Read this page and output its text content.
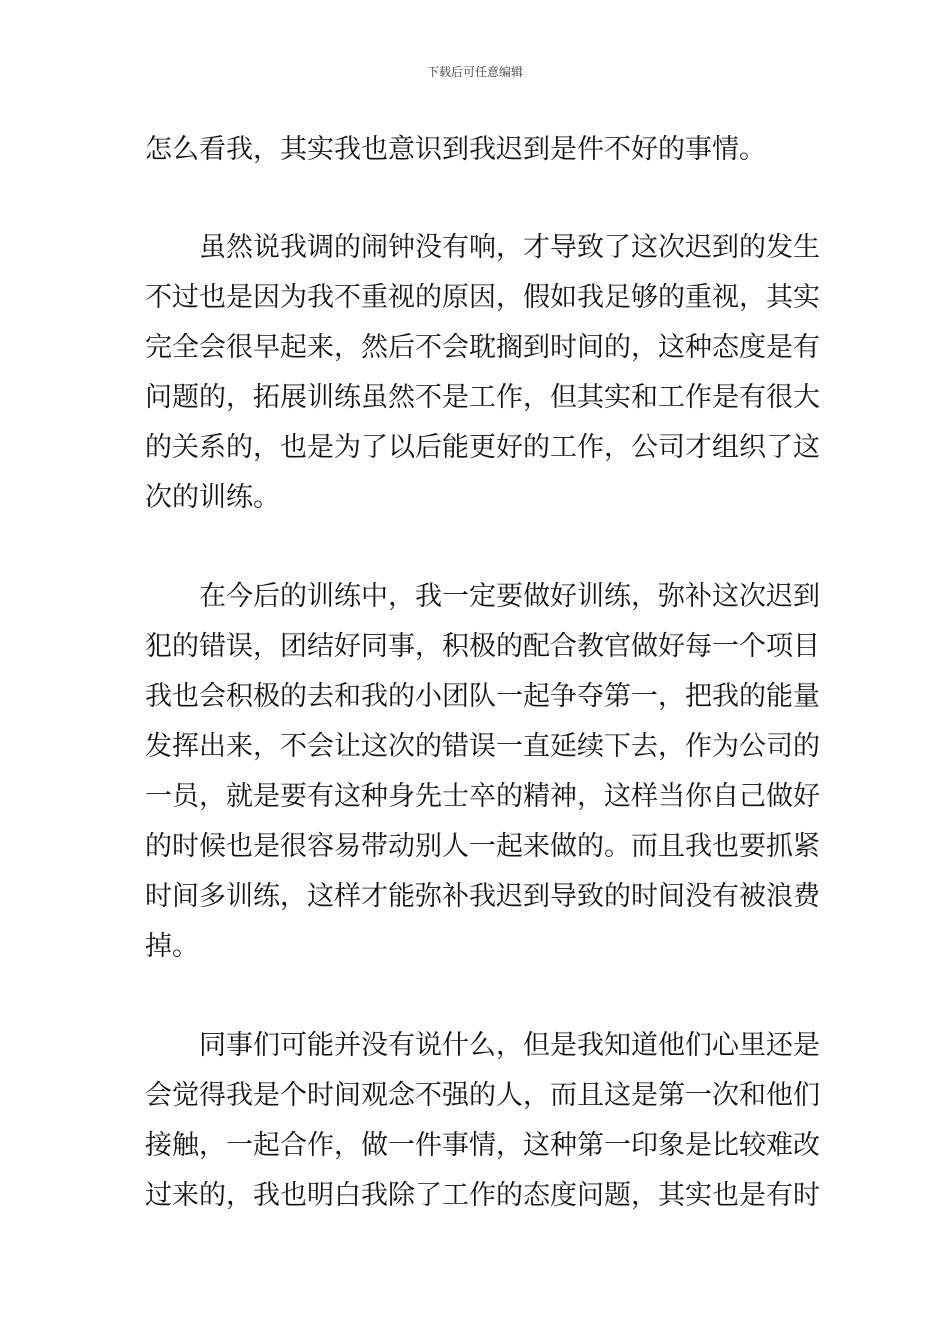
下载后可任意编辑
怎么看我，其实我也意识到我迟到是件不好的事情。
　　虽然说我调的闹钟没有响，才导致了这次迟到的发生
不过也是因为我不重视的原因，假如我足够的重视，其实
完全会很早起来，然后不会耽搁到时间的，这种态度是有
问题的，拓展训练虽然不是工作，但其实和工作是有很大
的关系的，也是为了以后能更好的工作，公司才组织了这
次的训练。
　　在今后的训练中，我一定要做好训练，弥补这次迟到
犯的错误，团结好同事，积极的配合教官做好每一个项目
我也会积极的去和我的小团队一起争夺第一，把我的能量
发挥出来，不会让这次的错误一直延续下去，作为公司的
一员，就是要有这种身先士卒的精神，这样当你自己做好
的时候也是很容易带动别人一起来做的。而且我也要抓紧
时间多训练，这样才能弥补我迟到导致的时间没有被浪费
掉。
　　同事们可能并没有说什么，但是我知道他们心里还是
会觉得我是个时间观念不强的人，而且这是第一次和他们
接触，一起合作，做一件事情，这种第一印象是比较难改
过来的，我也明白我除了工作的态度问题，其实也是有时
